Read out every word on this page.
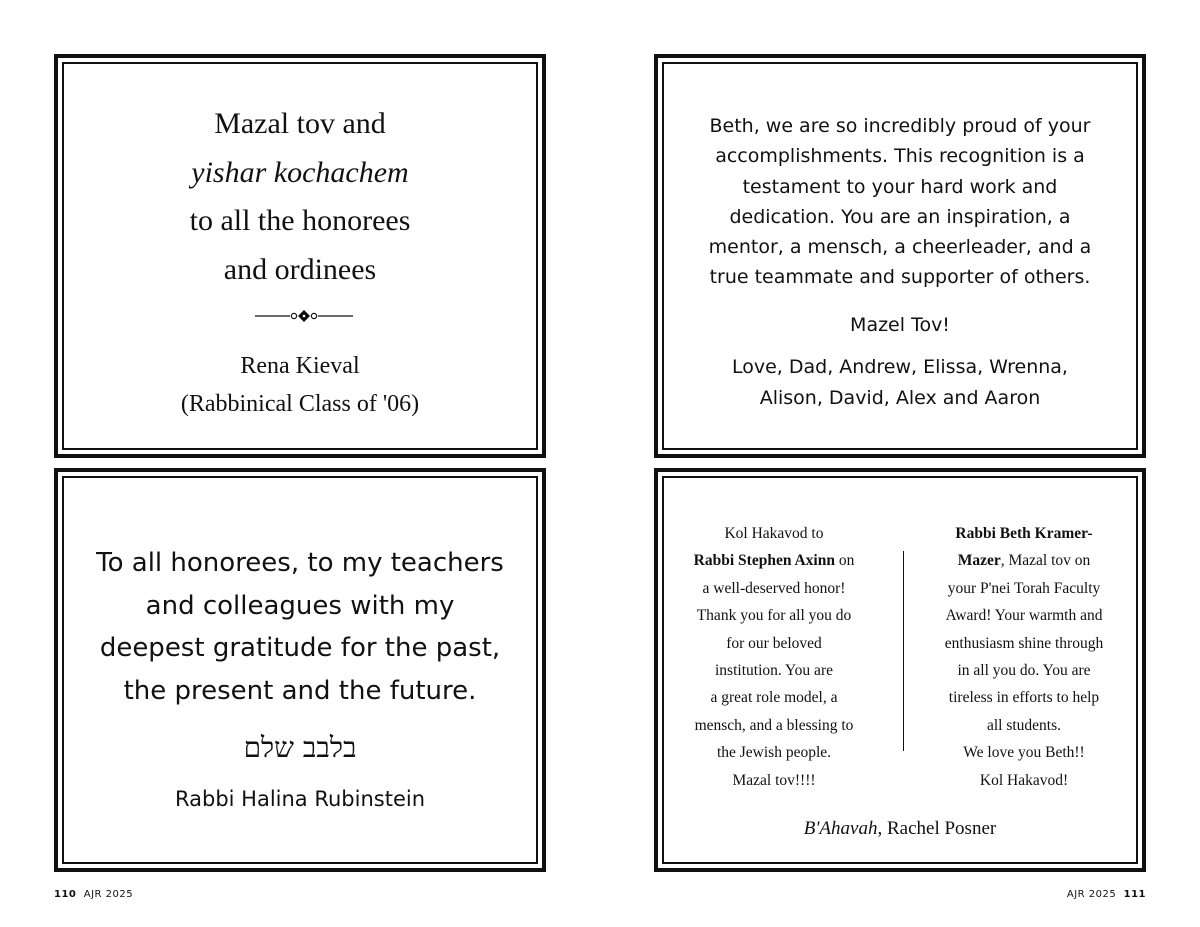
Mazal tov and
yishar kochachem
to all the honorees
and ordinees
Rena Kieval
(Rabbinical Class of '06)
Beth, we are so incredibly proud of your
accomplishments. This recognition is a
testament to your hard work and
dedication. You are an inspiration, a
mentor, a mensch, a cheerleader, and a
true teammate and supporter of others.
Mazel Tov!
Love, Dad, Andrew, Elissa, Wrenna,
Alison, David, Alex and Aaron
To all honorees, to my teachers
and colleagues with my
deepest gratitude for the past,
the present and the future.
בלבב שלם
Rabbi Halina Rubinstein
Kol Hakavod to
Rabbi Stephen Axinn on
a well-deserved honor!
Thank you for all you do
for our beloved
institution. You are
a great role model, a
mensch, and a blessing to
the Jewish people.
Mazal tov!!!!
Rabbi Beth Kramer-
Mazer, Mazal tov on
your P'nei Torah Faculty
Award! Your warmth and
enthusiasm shine through
in all you do. You are
tireless in efforts to help
all students.
We love you Beth!!
Kol Hakavod!
B'Ahavah, Rachel Posner
110 AJR 2025	AJR 2025 111
